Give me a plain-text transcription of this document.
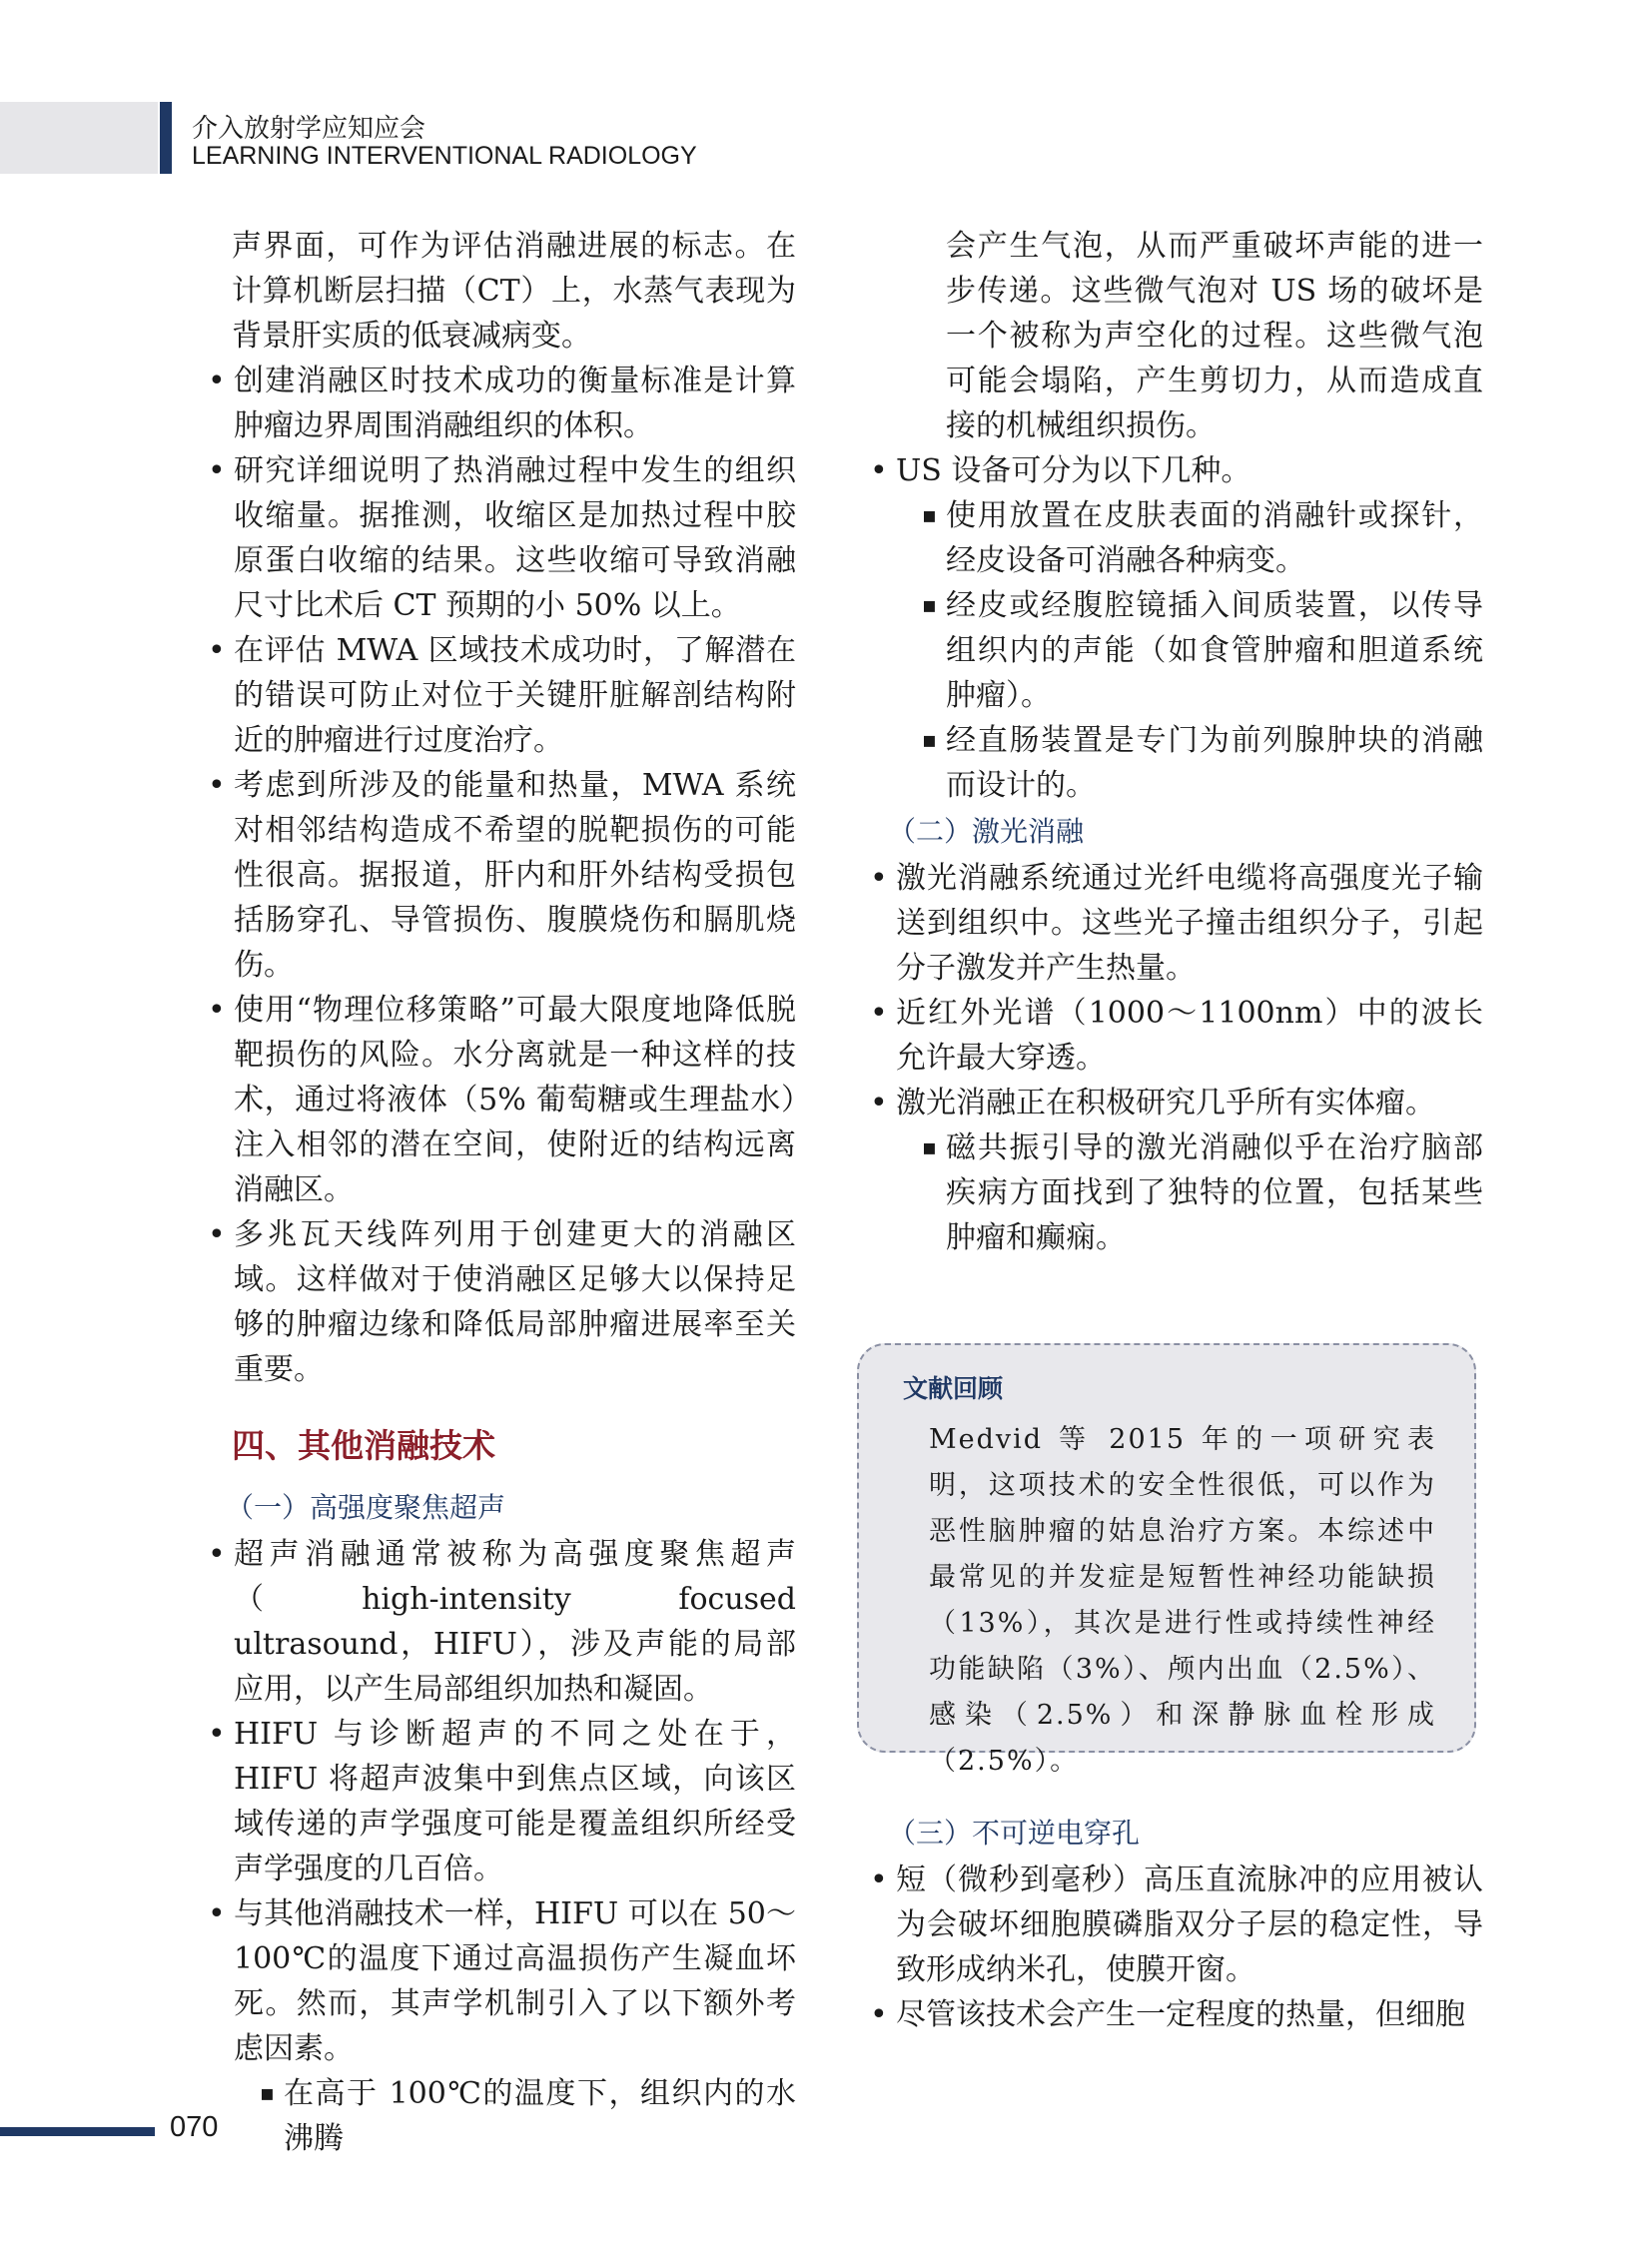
介入放射学应知应会
LEARNING INTERVENTIONAL RADIOLOGY

声界面，可作为评估消融进展的标志。在计算机断层扫描（CT）上，水蒸气表现为背景肝实质的低衰减病变。

• 创建消融区时技术成功的衡量标准是计算肿瘤边界周围消融组织的体积。
• 研究详细说明了热消融过程中发生的组织收缩量。据推测，收缩区是加热过程中胶原蛋白收缩的结果。这些收缩可导致消融尺寸比术后 CT 预期的小 50% 以上。
• 在评估 MWA 区域技术成功时，了解潜在的错误可防止对位于关键肝脏解剖结构附近的肿瘤进行过度治疗。
• 考虑到所涉及的能量和热量，MWA 系统对相邻结构造成不希望的脱靶损伤的可能性很高。据报道，肝内和肝外结构受损包括肠穿孔、导管损伤、腹膜烧伤和膈肌烧伤。
• 使用“物理位移策略”可最大限度地降低脱靶损伤的风险。水分离就是一种这样的技术，通过将液体（5% 葡萄糖或生理盐水）注入相邻的潜在空间，使附近的结构远离消融区。
• 多兆瓦天线阵列用于创建更大的消融区域。这样做对于使消融区足够大以保持足够的肿瘤边缘和降低局部肿瘤进展率至关重要。
四、其他消融技术
（一）高强度聚焦超声
• 超声消融通常被称为高强度聚焦超声（high-intensity focused ultrasound，HIFU），涉及声能的局部应用，以产生局部组织加热和凝固。
• HIFU 与诊断超声的不同之处在于，HIFU 将超声波集中到焦点区域，向该区域传递的声学强度可能是覆盖组织所经受声学强度的几百倍。
• 与其他消融技术一样，HIFU 可以在 50～100℃的温度下通过高温损伤产生凝血坏死。然而，其声学机制引入了以下额外考虑因素。
▪ 在高于 100℃的温度下，组织内的水沸腾
会产生气泡，从而严重破坏声能的进一步传递。这些微气泡对 US 场的破坏是一个被称为声空化的过程。这些微气泡可能会塌陷，产生剪切力，从而造成直接的机械组织损伤。
• US 设备可分为以下几种。
▪ 使用放置在皮肤表面的消融针或探针，经皮设备可消融各种病变。
▪ 经皮或经腹腔镜插入间质装置，以传导组织内的声能（如食管肿瘤和胆道系统肿瘤）。
▪ 经直肠装置是专门为前列腺肿块的消融而设计的。
（二）激光消融
• 激光消融系统通过光纤电缆将高强度光子输送到组织中。这些光子撞击组织分子，引起分子激发并产生热量。
• 近红外光谱（1000～1100nm）中的波长允许最大穿透。
• 激光消融正在积极研究几乎所有实体瘤。
▪ 磁共振引导的激光消融似乎在治疗脑部疾病方面找到了独特的位置，包括某些肿瘤和癫痫。
文献回顾

Medvid 等 2015 年的一项研究表明，这项技术的安全性很低，可以作为恶性脑肿瘤的姑息治疗方案。本综述中最常见的并发症是短暂性神经功能缺损（13%），其次是进行性或持续性神经功能缺陷（3%）、颅内出血（2.5%）、感染（2.5%）和深静脉血栓形成（2.5%）。

（三）不可逆电穿孔
• 短（微秒到毫秒）高压直流脉冲的应用被认为会破坏细胞膜磷脂双分子层的稳定性，导致形成纳米孔，使膜开窗。
• 尽管该技术会产生一定程度的热量，但细胞
070
